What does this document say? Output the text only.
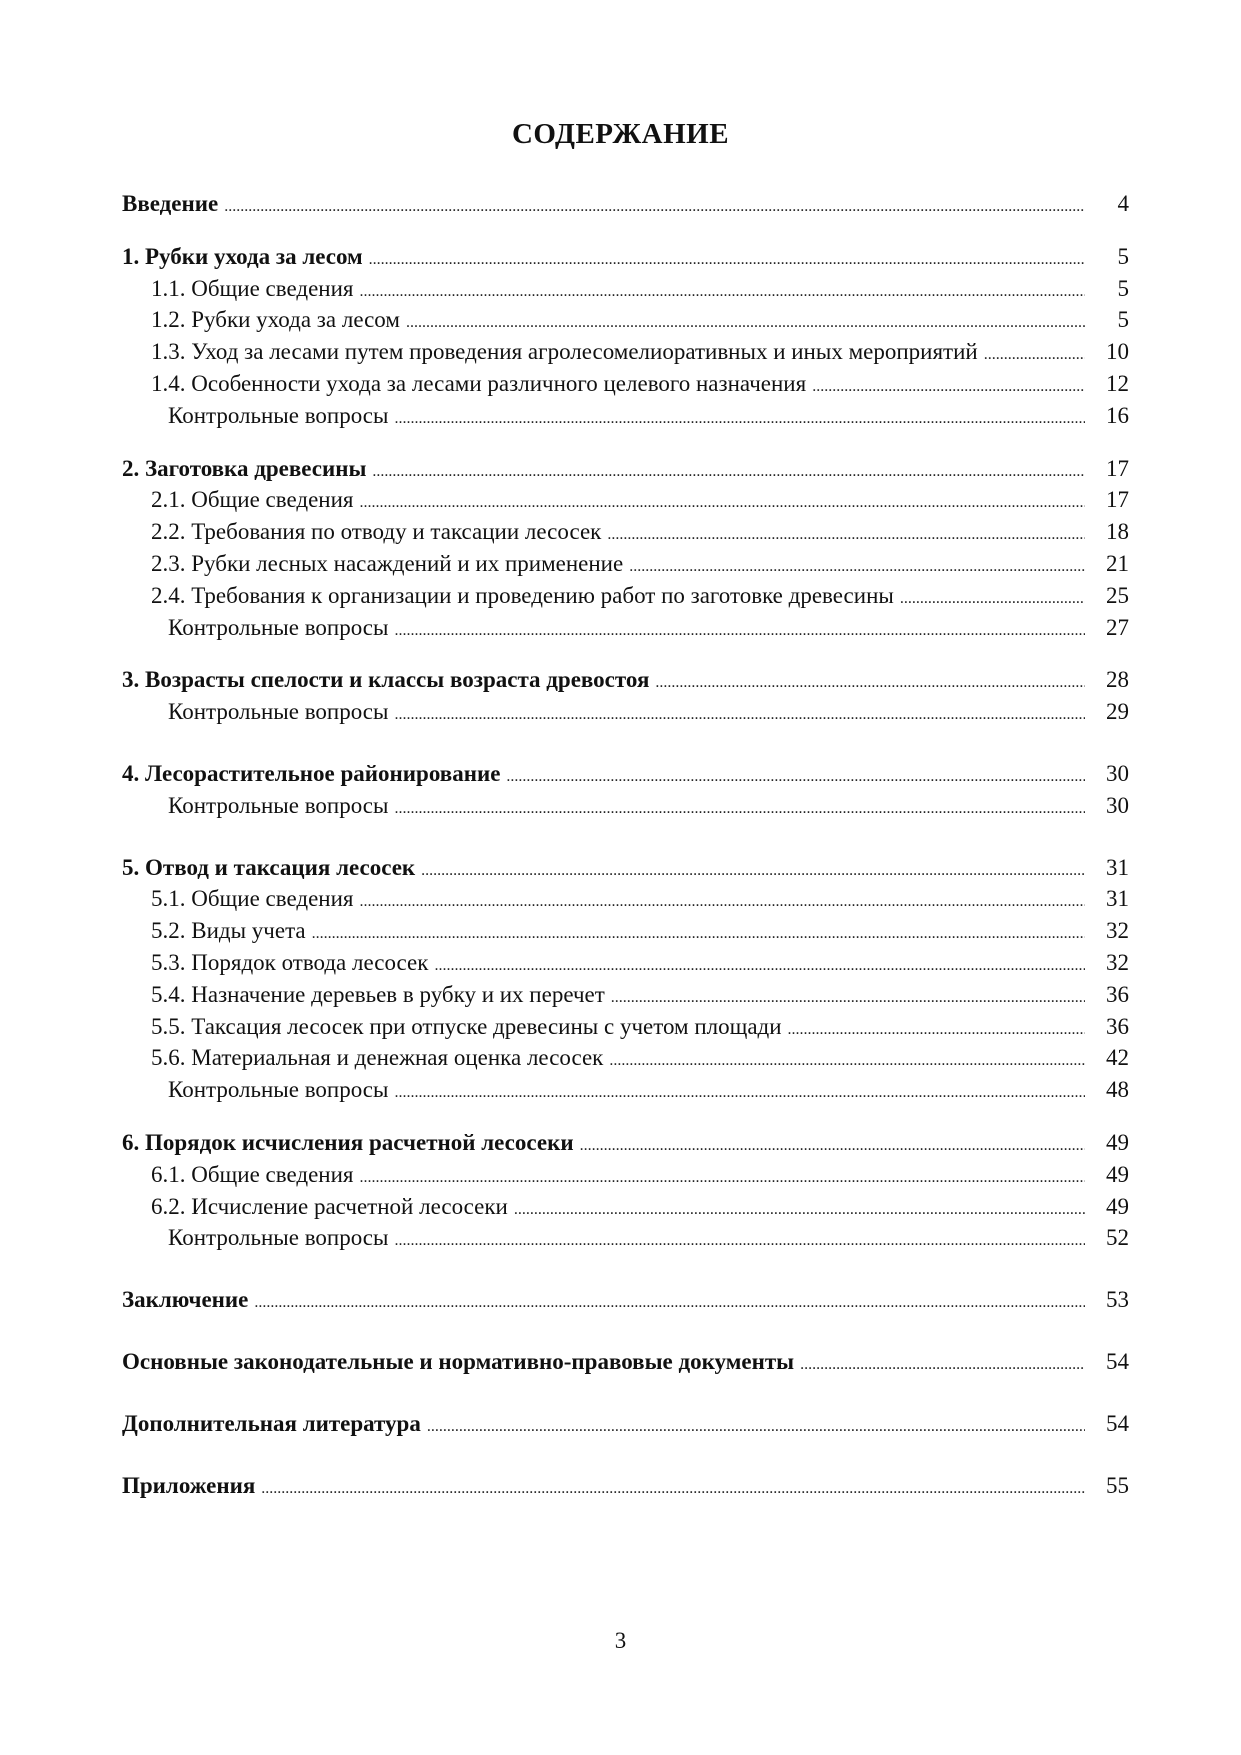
СОДЕРЖАНИЕ
Введение .....	4
1. Рубки ухода за лесом .....	5
1.1. Общие сведения .....	5
1.2. Рубки ухода за лесом .....	5
1.3. Уход за лесами путем проведения агролесомелиоративных и иных мероприятий .....	10
1.4. Особенности ухода за лесами различного целевого назначения .....	12
Контрольные вопросы .....	16
2. Заготовка древесины .....	17
2.1. Общие сведения .....	17
2.2. Требования по отводу и таксации лесосек .....	18
2.3. Рубки лесных насаждений и их применение .....	21
2.4. Требования к организации и проведению работ по заготовке древесины .....	25
Контрольные вопросы .....	27
3. Возрасты спелости и классы возраста древостоя .....	28
Контрольные вопросы .....	29
4. Лесорастительное районирование .....	30
Контрольные вопросы .....	30
5. Отвод и таксация лесосек .....	31
5.1. Общие сведения .....	31
5.2. Виды учета .....	32
5.3. Порядок отвода лесосек .....	32
5.4. Назначение деревьев в рубку и их перечет .....	36
5.5. Таксация лесосек при отпуске древесины с учетом площади .....	36
5.6. Материальная и денежная оценка лесосек .....	42
Контрольные вопросы .....	48
6. Порядок исчисления расчетной лесосеки .....	49
6.1. Общие сведения .....	49
6.2. Исчисление расчетной лесосеки .....	49
Контрольные вопросы .....	52
Заключение .....	53
Основные законодательные и нормативно-правовые документы .....	54
Дополнительная литература .....	54
Приложения .....	55
3
